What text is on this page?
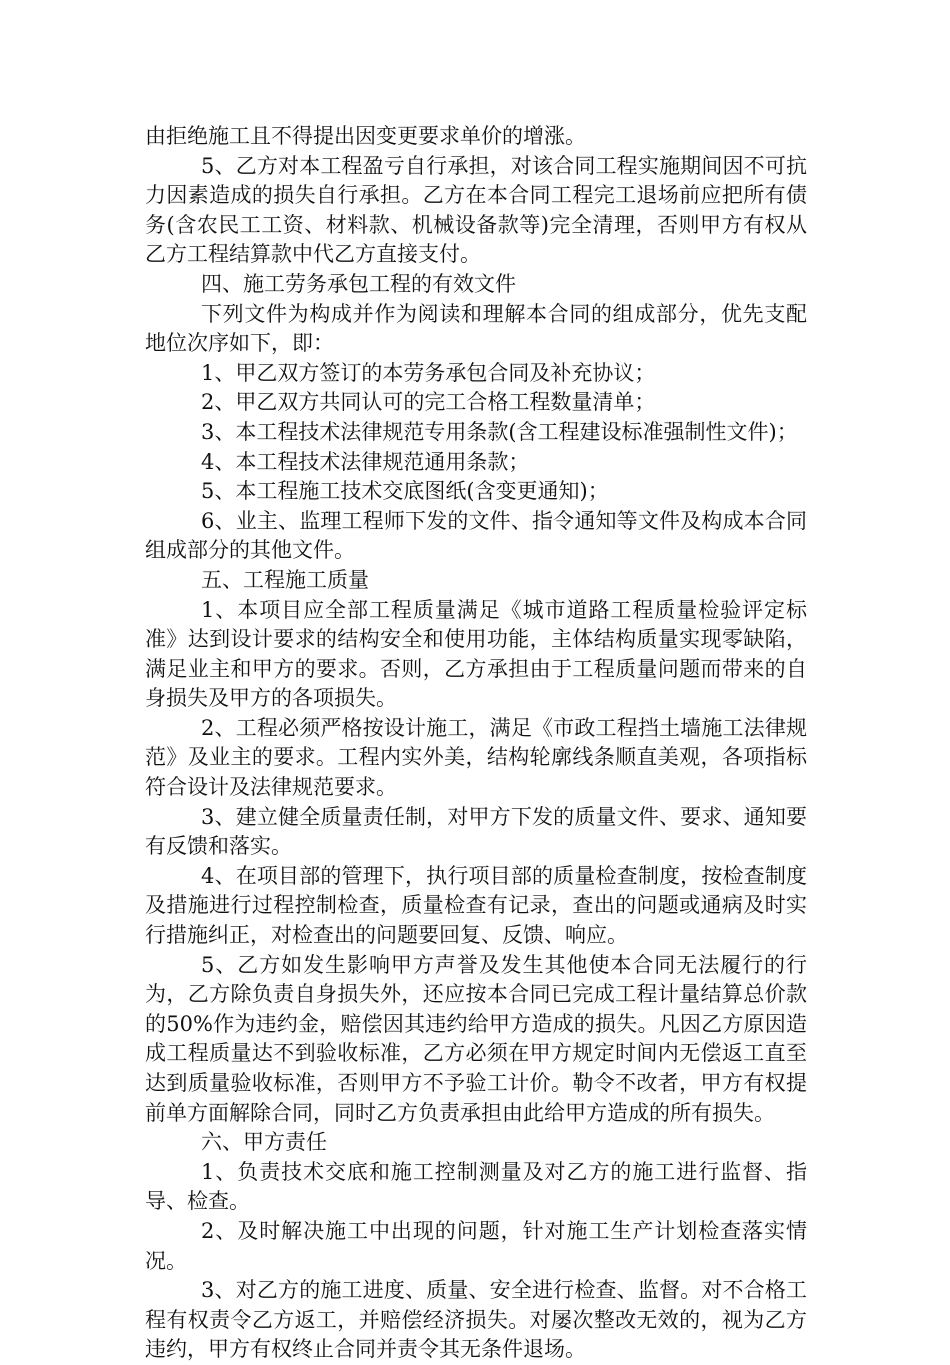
由拒绝施工且不得提出因变更要求单价的增涨。

5、乙方对本工程盈亏自行承担，对该合同工程实施期间因不可抗力因素造成的损失自行承担。乙方在本合同工程完工退场前应把所有债务(含农民工工资、材料款、机械设备款等)完全清理，否则甲方有权从乙方工程结算款中代乙方直接支付。

四、施工劳务承包工程的有效文件

下列文件为构成并作为阅读和理解本合同的组成部分，优先支配地位次序如下，即：

1、甲乙双方签订的本劳务承包合同及补充协议；

2、甲乙双方共同认可的完工合格工程数量清单；

3、本工程技术法律规范专用条款(含工程建设标准强制性文件)；

4、本工程技术法律规范通用条款；

5、本工程施工技术交底图纸(含变更通知)；

6、业主、监理工程师下发的文件、指令通知等文件及构成本合同组成部分的其他文件。

五、工程施工质量

1、本项目应全部工程质量满足《城市道路工程质量检验评定标准》达到设计要求的结构安全和使用功能，主体结构质量实现零缺陷，满足业主和甲方的要求。否则，乙方承担由于工程质量问题而带来的自身损失及甲方的各项损失。

2、工程必须严格按设计施工，满足《市政工程挡土墙施工法律规范》及业主的要求。工程内实外美，结构轮廓线条顺直美观，各项指标符合设计及法律规范要求。

3、建立健全质量责任制，对甲方下发的质量文件、要求、通知要有反馈和落实。

4、在项目部的管理下，执行项目部的质量检查制度，按检查制度及措施进行过程控制检查，质量检查有记录，查出的问题或通病及时实行措施纠正，对检查出的问题要回复、反馈、响应。

5、乙方如发生影响甲方声誉及发生其他使本合同无法履行的行为，乙方除负责自身损失外，还应按本合同已完成工程计量结算总价款的50%作为违约金，赔偿因其违约给甲方造成的损失。凡因乙方原因造成工程质量达不到验收标准，乙方必须在甲方规定时间内无偿返工直至达到质量验收标准，否则甲方不予验工计价。勒令不改者，甲方有权提前单方面解除合同，同时乙方负责承担由此给甲方造成的所有损失。

六、甲方责任

1、负责技术交底和施工控制测量及对乙方的施工进行监督、指导、检查。

2、及时解决施工中出现的问题，针对施工生产计划检查落实情况。

3、对乙方的施工进度、质量、安全进行检查、监督。对不合格工程有权责令乙方返工，并赔偿经济损失。对屡次整改无效的，视为乙方违约，甲方有权终止合同并责令其无条件退场。
